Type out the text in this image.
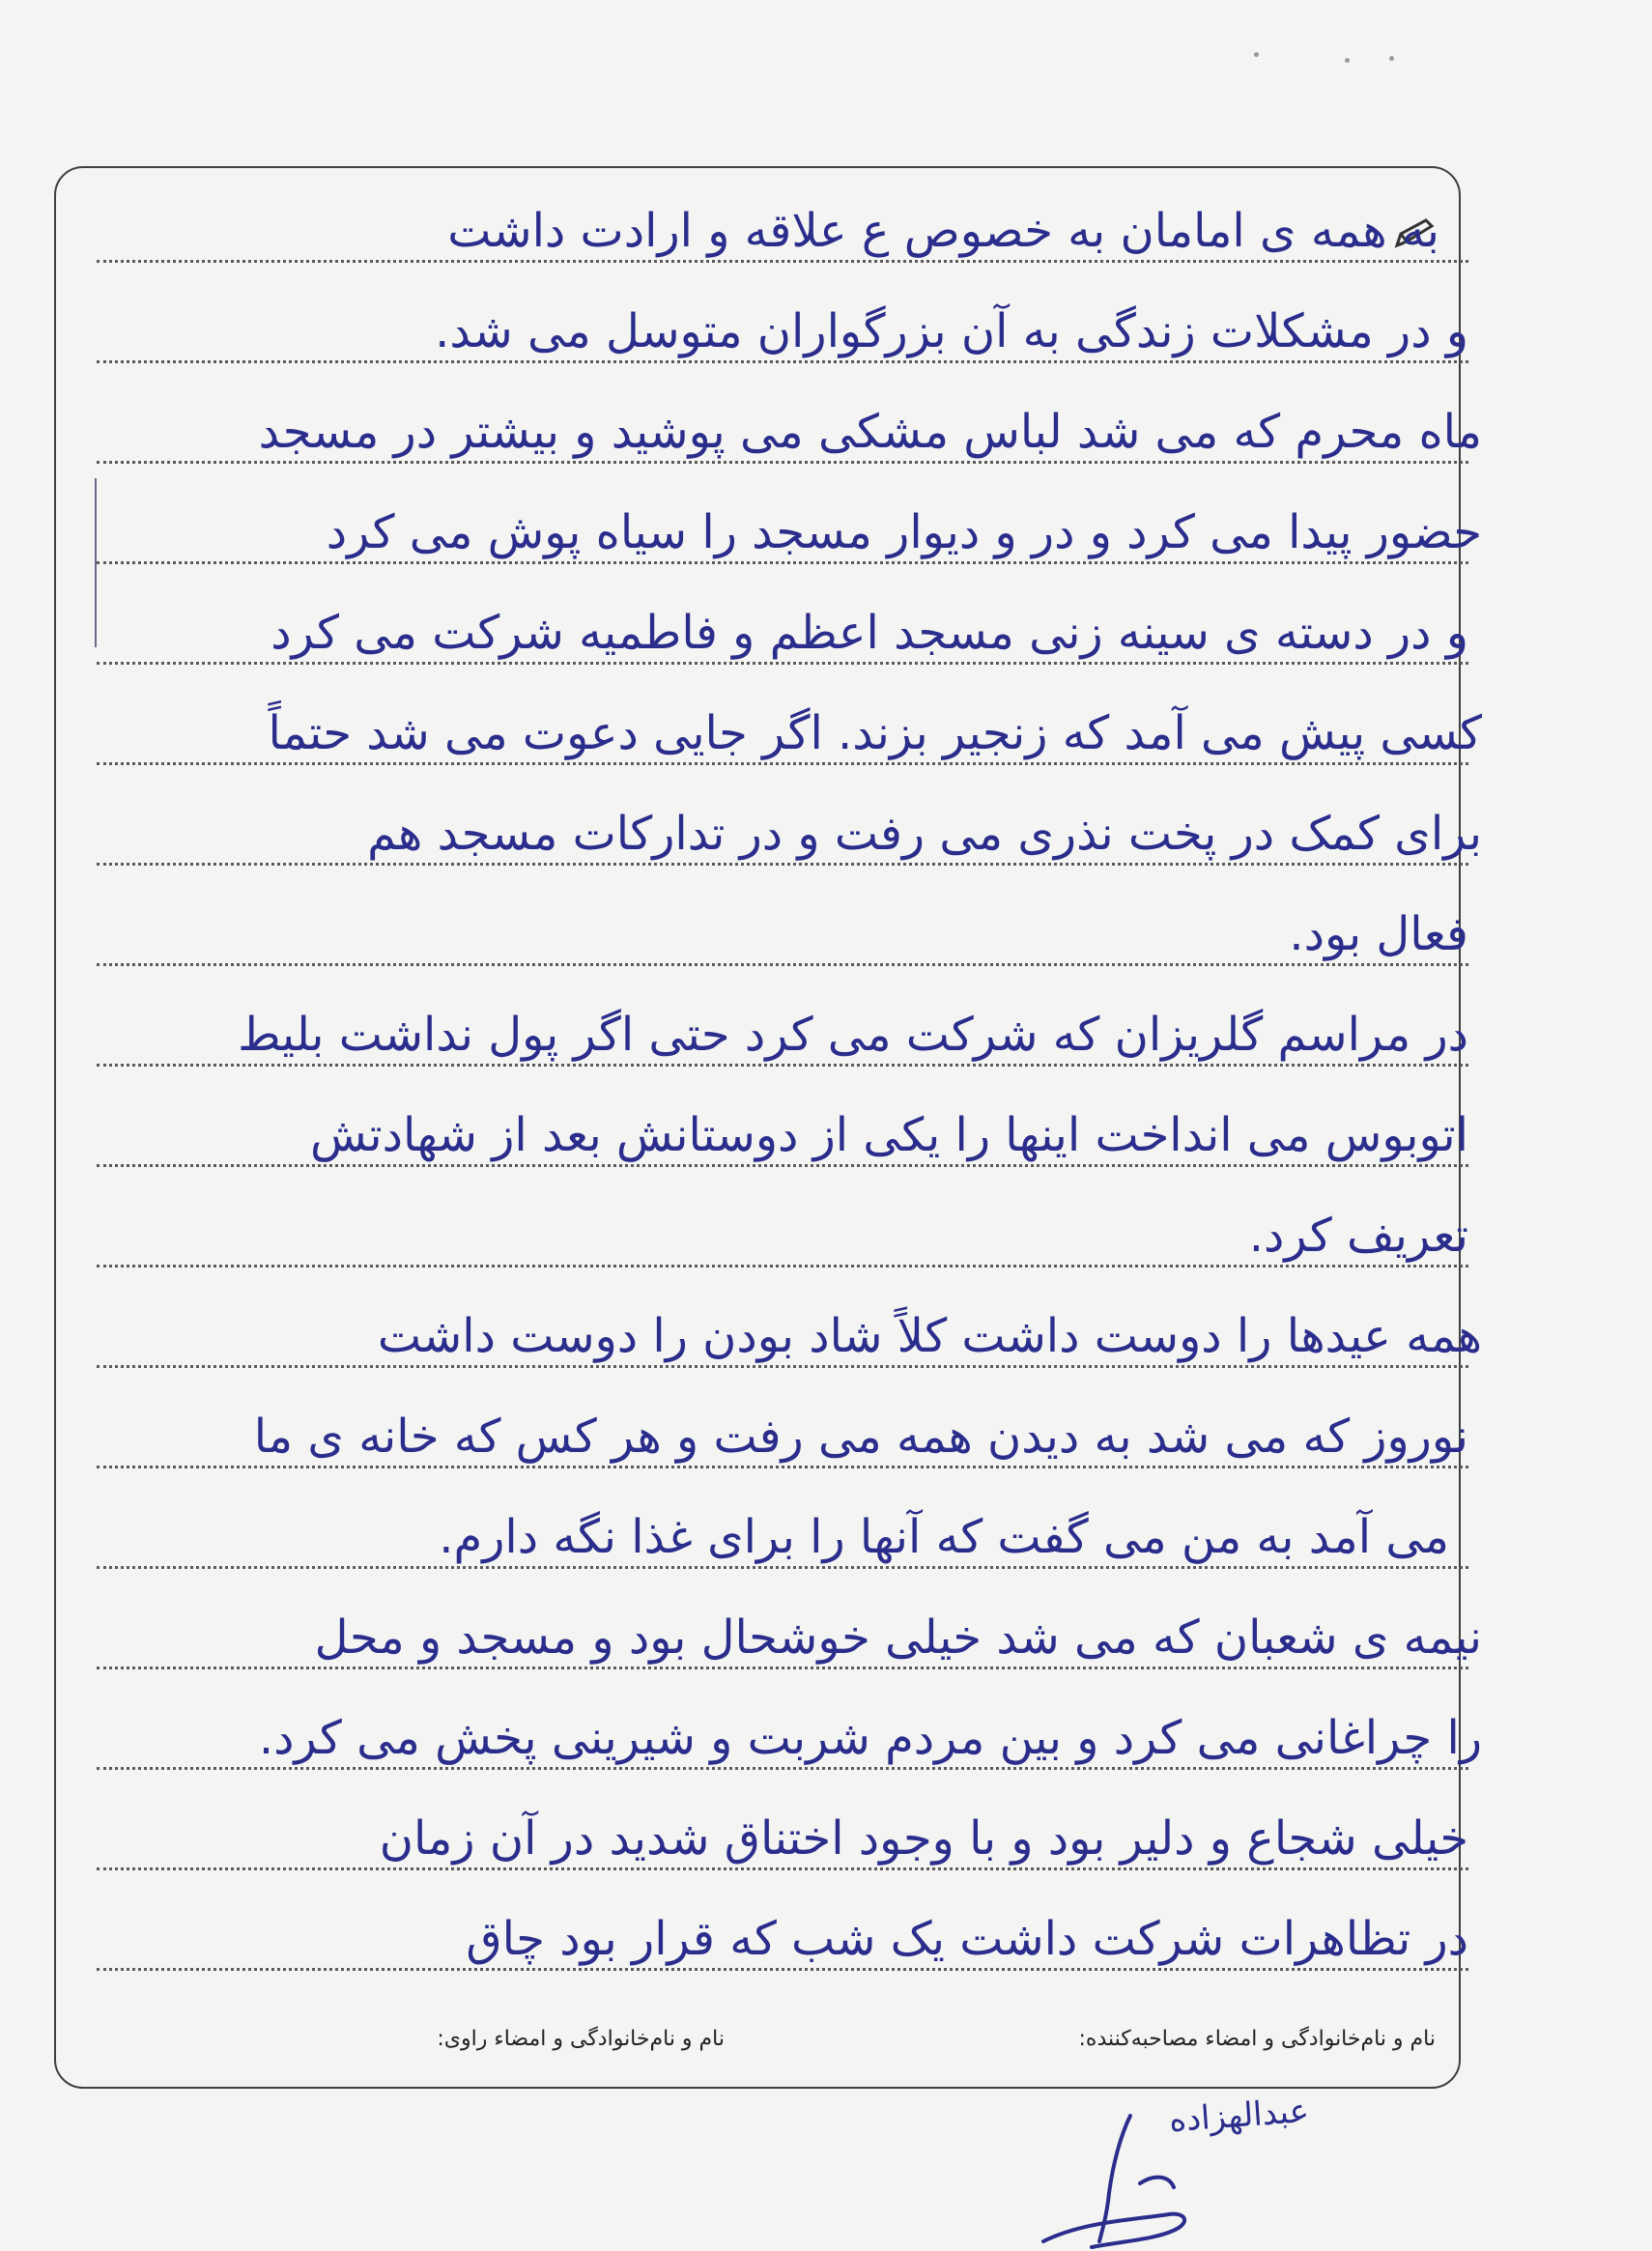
به همه ی امامان به خصوص ع علاقه و ارادت داشت
و در مشکلات زندگی به آن بزرگواران متوسل می شد.
ماه محرم که می شد لباس مشکی می پوشید و بیشتر در مسجد
حضور پیدا می کرد و در و دیوار مسجد را سیاه پوش می کرد
و در دسته ی سینه زنی مسجد اعظم و فاطمیه شرکت می کرد
کسی پیش می آمد که زنجیر بزند. اگر جایی دعوت می شد حتماً
برای کمک در پخت نذری می رفت و در تدارکات مسجد هم
فعال بود.
در مراسم گلریزان که شرکت می کرد حتی اگر پول نداشت بلیط
اتوبوس می انداخت اینها را یکی از دوستانش بعد از شهادتش
تعریف کرد.
همه عیدها را دوست داشت کلاً شاد بودن را دوست داشت
نوروز که می شد به دیدن همه می رفت و هر کس که خانه ی ما
می آمد به من می گفت که آنها را برای غذا نگه دارم.
نیمه ی شعبان که می شد خیلی خوشحال بود و مسجد و محل
را چراغانی می کرد و بین مردم شربت و شیرینی پخش می کرد.
خیلی شجاع و دلیر بود و با وجود اختناق شدید در آن زمان
در تظاهرات شرکت داشت یک شب که قرار بود چاق
نام و نام‌خانوادگی و امضاء مصاحبه‌کننده:
نام و نام‌خانوادگی و امضاء راوی:
عبدالهزاده
